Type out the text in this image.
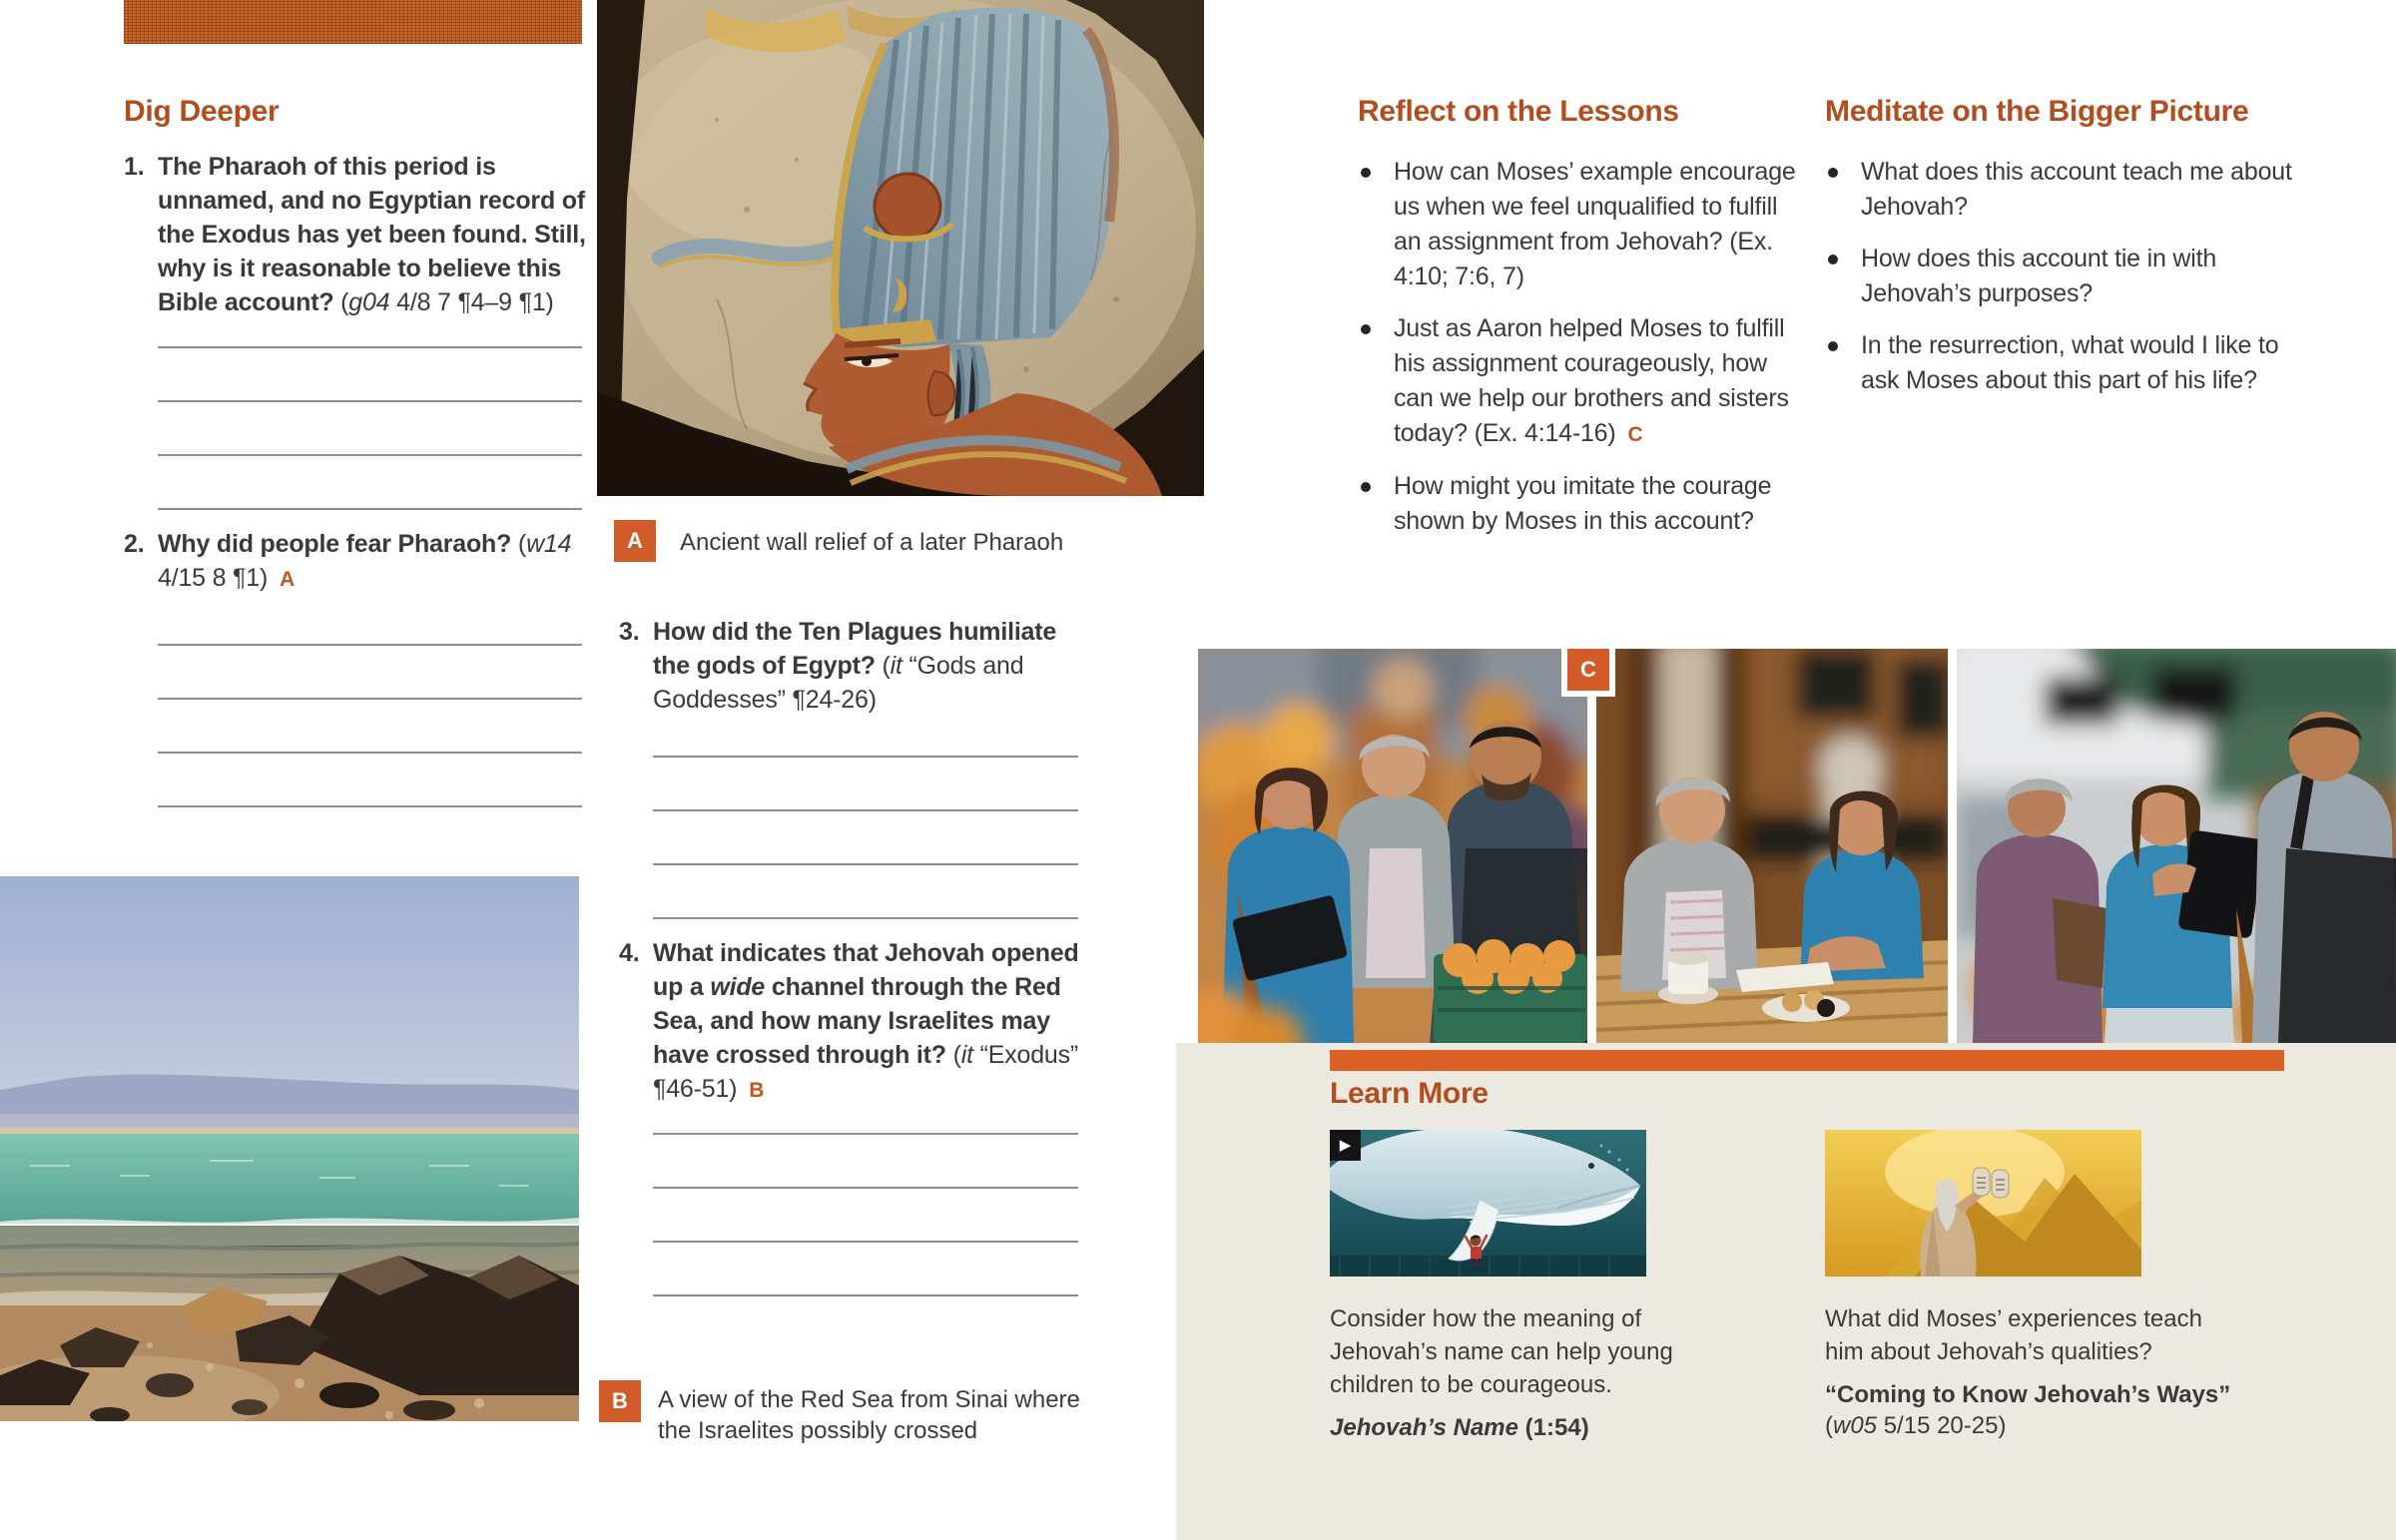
Dig Deeper
1. The Pharaoh of this period is unnamed, and no Egyptian record of the Exodus has yet been found. Still, why is it reasonable to believe this Bible account? (g04 4/8 7 ¶4–9 ¶1)
2. Why did people fear Pharaoh? (w14 4/15 8 ¶1) A
A	Ancient wall relief of a later Pharaoh
3. How did the Ten Plagues humiliate the gods of Egypt? (it “Gods and Goddesses” ¶24-26)
4. What indicates that Jehovah opened up a wide channel through the Red Sea, and how many Israelites may have crossed through it? (it “Exodus” ¶46-51) B
B	A view of the Red Sea from Sinai where the Israelites possibly crossed
Reflect on the Lessons
How can Moses’ example encourage us when we feel unqualified to fulfill an assignment from Jehovah? (Ex. 4:10; 7:6, 7)
Just as Aaron helped Moses to fulfill his assignment courageously, how can we help our brothers and sisters today? (Ex. 4:14-16) C
How might you imitate the courage shown by Moses in this account?
Meditate on the Bigger Picture
What does this account teach me about Jehovah?
How does this account tie in with Jehovah’s purposes?
In the resurrection, what would I like to ask Moses about this part of his life?
C
Learn More
▶
Consider how the meaning of Jehovah’s name can help young children to be courageous.
Jehovah’s Name (1:54)
What did Moses’ experiences teach him about Jehovah’s qualities?
“Coming to Know Jehovah’s Ways”
(w05 5/15 20-25)
